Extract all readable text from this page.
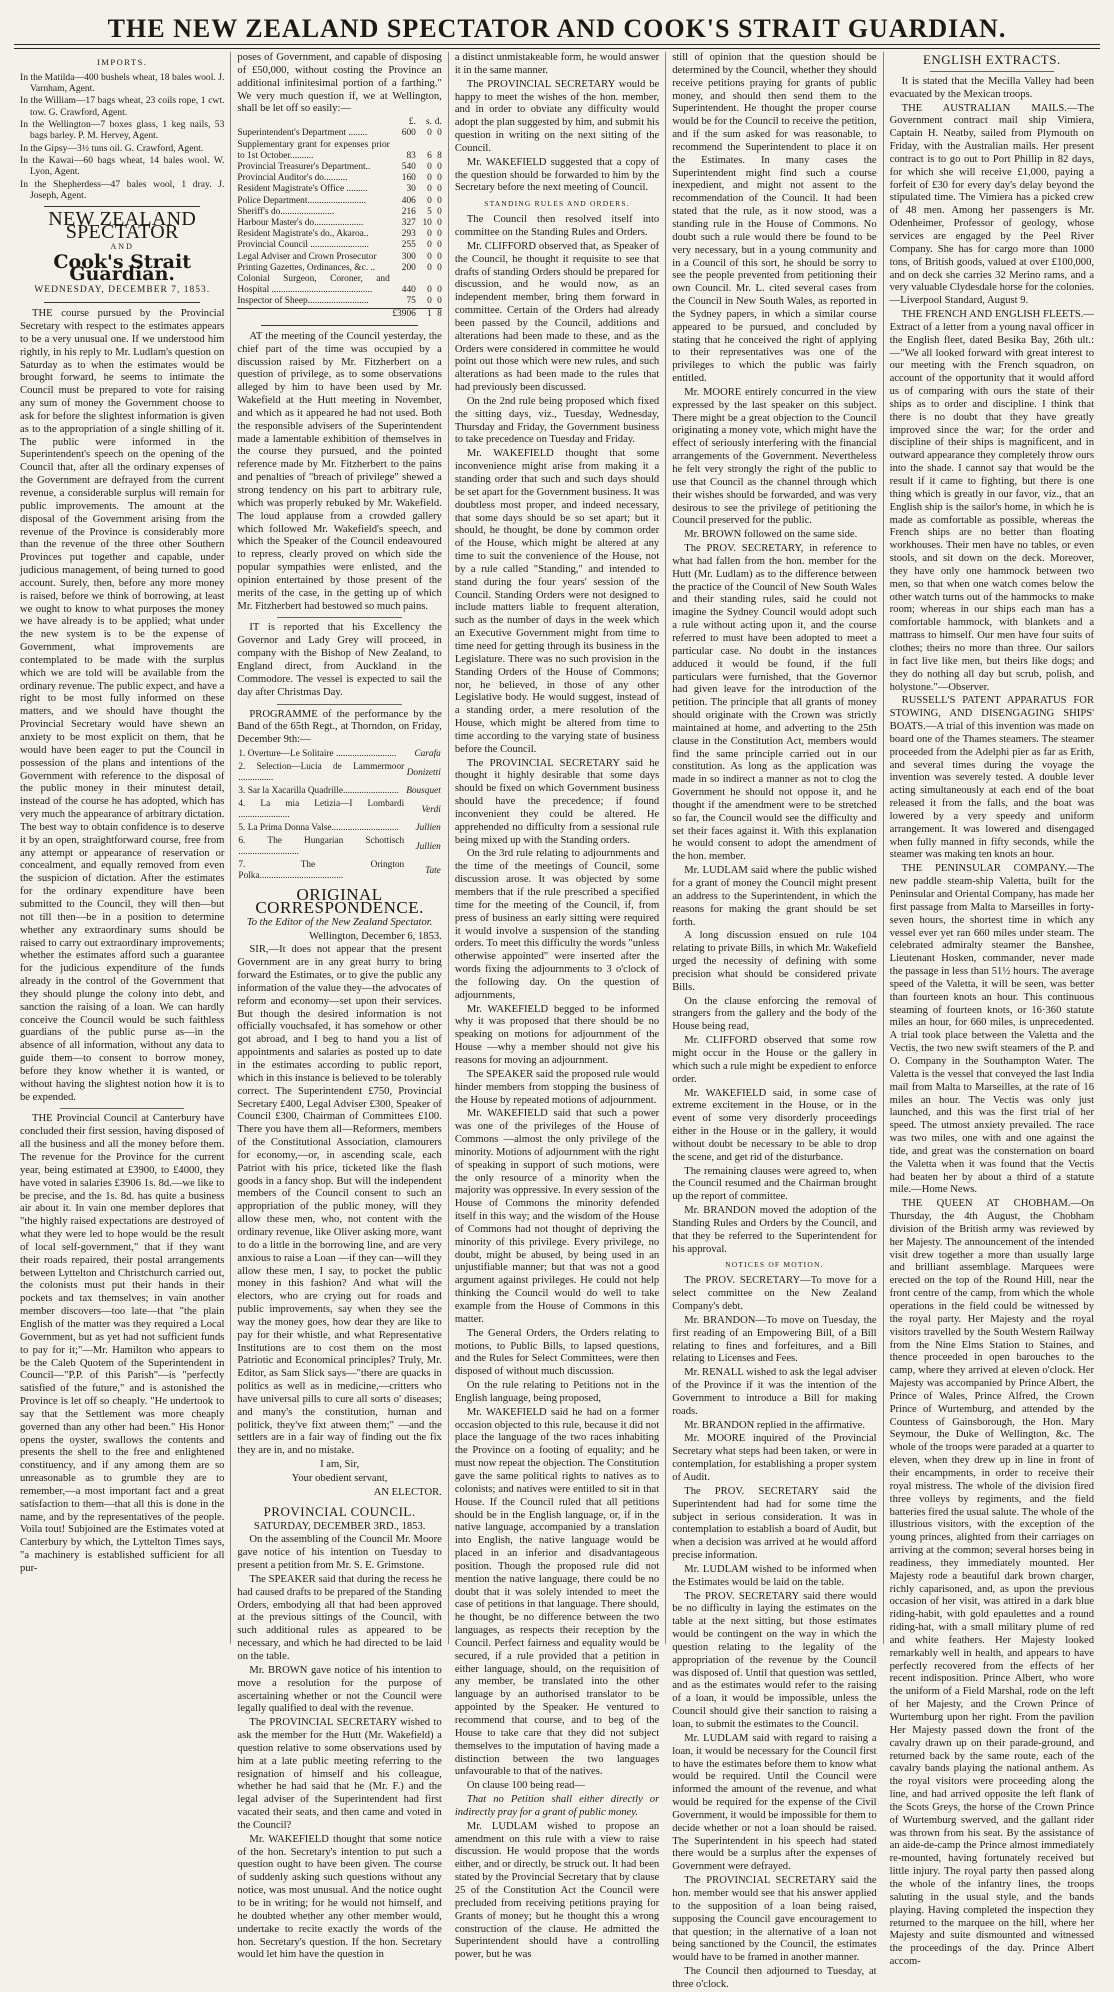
THE NEW ZEALAND SPECTATOR AND COOK'S STRAIT GUARDIAN.
IMPORTS.

In the Matilda—400 bushels wheat, 18 bales wool. J. Varnham, Agent.

In the William—17 bags wheat, 23 coils rope, 1 cwt. tow. G. Crawford, Agent.

In the Wellington—7 boxes glass, 1 keg nails, 53 bags barley. P. M. Hervey, Agent.

In the Gipsy—3½ tuns oil. G. Crawford, Agent.

In the Kawai—60 bags wheat, 14 bales wool. W. Lyon, Agent.

In the Shepherdess—47 bales wool, 1 dray. J. Joseph, Agent.

NEW ZEALAND SPECTATOR
AND
Cook's Strait Guardian.
WEDNESDAY, DECEMBER 7, 1853.

THE course pursued by the Provincial Secretary with respect to the estimates appears to be a very unusual one. If we understood him rightly, in his reply to Mr. Ludlam's question on Saturday as to when the estimates would be brought forward, he seems to intimate the Council must be prepared to vote for raising any sum of money the Government choose to ask for before the slightest information is given as to the appropriation of a single shilling of it. The public were informed in the Superintendent's speech on the opening of the Council that, after all the ordinary expenses of the Government are defrayed from the current revenue, a considerable surplus will remain for public improvements. The amount at the disposal of the Government arising from the revenue of the Province is considerably more than the revenue of the three other Southern Provinces put together and capable, under judicious management, of being turned to good account. Surely, then, before any more money is raised, before we think of borrowing, at least we ought to know to what purposes the money we have already is to be applied; what under the new system is to be the expense of Government, what improvements are contemplated to be made with the surplus which we are told will be available from the ordinary revenue. The public expect, and have a right to be most fully informed on these matters, and we should have thought the Provincial Secretary would have shewn an anxiety to be most explicit on them, that he would have been eager to put the Council in possession of the plans and intentions of the Government with reference to the disposal of the public money in their minutest detail, instead of the course he has adopted, which has very much the appearance of arbitrary dictation. The best way to obtain confidence is to deserve it by an open, straightforward course, free from any attempt or appearance of reservation or concealment, and equally removed from even the suspicion of dictation. After the estimates for the ordinary expenditure have been submitted to the Council, they will then—but not till then—be in a position to determine whether any extraordinary sums should be raised to carry out extraordinary improvements; whether the estimates afford such a guarantee for the judicious expenditure of the funds already in the control of the Government that they should plunge the colony into debt, and sanction the raising of a loan. We can hardly conceive the Council would be such faithless guardians of the public purse as—in the absence of all information, without any data to guide them—to consent to borrow money, before they know whether it is wanted, or without having the slightest notion how it is to be expended.

THE Provincial Council at Canterbury have concluded their first session, having disposed of all the business and all the money before them. The revenue for the Province for the current year, being estimated at £3900, to £4000, they have voted in salaries £3906 1s. 8d.—we like to be precise, and the 1s. 8d. has quite a business air about it. In vain one member deplores that "the highly raised expectations are destroyed of what they were led to hope would be the result of local self-government," that if they want their roads repaired, their postal arrangements between Lyttelton and Christchurch carried out, the colonists must put their hands in their pockets and tax themselves; in vain another member discovers—too late—that "the plain English of the matter was they required a Local Government, but as yet had not sufficient funds to pay for it;"—Mr. Hamilton who appears to be the Caleb Quotem of the Superintendent in Council—"P.P. of this Parish"—is "perfectly satisfied of the future," and is astonished the Province is let off so cheaply. "He undertook to say that the Settlement was more cheaply governed than any other had been." His Honor opens the oyster, swallows the contents and presents the shell to the free and enlightened constituency, and if any among them are so unreasonable as to grumble they are to remember,—a most important fact and a great satisfaction to them—that all this is done in the name, and by the representatives of the people. Voila tout! Subjoined are the Estimates voted at Canterbury by which, the Lyttelton Times says, "a machinery is established sufficient for all pur-

poses of Government, and capable of disposing of £50,000, without costing the Province an additional infinitesimal portion of a farthing." We very much question if, we at Wellington, shall be let off so easily:—

	£.	s.	d.
Superintendent's Department ........	600	0	0
Supplementary grant for expenses prior to 1st October..........	83	6	8
Provincial Treasurer's Department..	540	0	0
Provincial Auditor's do..........	160	0	0
Resident Magistrate's Office .........	30	0	0
Police Department.........................	406	0	0
Sheriff's do.......................	216	5	0
Harbour Master's do.....................	327	10	0
Resident Magistrate's do., Akaroa..	293	0	0
Provincial Council .........................	255	0	0
Legal Adviser and Crown Prosecutor	300	0	0
Printing Gazettes, Ordinances, &c. ..	200	0	0
Colonial Surgeon, Coroner, and Hospital ...........................................	440	0	0
Inspector of Sheep..........................	75	0	0
	£3906	1	8

AT the meeting of the Council yesterday, the chief part of the time was occupied by a discussion raised by Mr. Fitzherbert on a question of privilege, as to some observations alleged by him to have been used by Mr. Wakefield at the Hutt meeting in November, and which as it appeared he had not used. Both the responsible advisers of the Superintendent made a lamentable exhibition of themselves in the course they pursued, and the pointed reference made by Mr. Fitzherbert to the pains and penalties of "breach of privilege" shewed a strong tendency on his part to arbitrary rule, which was properly rebuked by Mr. Wakefield. The loud applause from a crowded gallery which followed Mr. Wakefield's speech, and which the Speaker of the Council endeavoured to repress, clearly proved on which side the popular sympathies were enlisted, and the opinion entertained by those present of the merits of the case, in the getting up of which Mr. Fitzherbert had bestowed so much pains.

IT is reported that his Excellency the Governor and Lady Grey will proceed, in company with the Bishop of New Zealand, to England direct, from Auckland in the Commodore. The vessel is expected to sail the day after Christmas Day.

PROGRAMME of the performance by the Band of the 65th Regt., at Thorndon, on Friday, December 9th:—

1. Overture—Le Solitaire ..........................	Carafa
2. Selection—Lucia de Lammermoor ...............	Donizetti
3. Sar la Xacarilla Quadrille........................	Bousquet
4. La mia Letizia—I Lombardi ......................	Verdi
5. La Prima Donna Valse.............................	Jullien
6. The Hungarian Schottisch ..........................	Jullien
7. The Orington Polka....................................	Tate
ORIGINAL CORRESPONDENCE.

To the Editor of the New Zealand Spectator.

Wellington, December 6, 1853.

SIR,—It does not appear that the present Government are in any great hurry to bring forward the Estimates, or to give the public any information of the value they—the advocates of reform and economy—set upon their services. But though the desired information is not officially vouchsafed, it has somehow or other got abroad, and I beg to hand you a list of appointments and salaries as posted up to date in the estimates according to public report, which in this instance is believed to be tolerably correct. The Superintendent £750, Provincial Secretary £400, Legal Adviser £300, Speaker of Council £300, Chairman of Committees £100. There you have them all—Reformers, members of the Constitutional Association, clamourers for economy,—or, in ascending scale, each Patriot with his price, ticketed like the flash goods in a fancy shop. But will the independent members of the Council consent to such an appropriation of the public money, will they allow these men, who, not content with the ordinary revenue, like Oliver asking more, want to do a little in the borrowing line, and are very anxious to raise a Loan —if they can—will they allow these men, I say, to pocket the public money in this fashion? And what will the electors, who are crying out for roads and public improvements, say when they see the way the money goes, how dear they are like to pay for their whistle, and what Representative Institutions are to cost them on the most Patriotic and Economical principles? Truly, Mr. Editor, as Sam Slick says—"there are quacks in politics as well as in medicine,—critters who have universal pills to cure all sorts o' diseases; and many's the constitution, human and politick, they've fixt atween them;" —and the settlers are in a fair way of finding out the fix they are in, and no mistake.

I am, Sir,

Your obedient servant,

AN ELECTOR.

PROVINCIAL COUNCIL.

SATURDAY, DECEMBER 3RD., 1853.

On the assembling of the Council Mr. Moore gave notice of his intention on Tuesday to present a petition from Mr. S. E. Grimstone.

The SPEAKER said that during the recess he had caused drafts to be prepared of the Standing Orders, embodying all that had been approved at the previous sittings of the Council, with such additional rules as appeared to be necessary, and which he had directed to be laid on the table.

Mr. BROWN gave notice of his intention to move a resolution for the purpose of ascertaining whether or not the Council were legally qualified to deal with the revenue.

The PROVINCIAL SECRETARY wished to ask the member for the Hutt (Mr. Wakefield) a question relative to some observations used by him at a late public meeting referring to the resignation of himself and his colleague, whether he had said that he (Mr. F.) and the legal adviser of the Superintendent had first vacated their seats, and then came and voted in the Council?

Mr. WAKEFIELD thought that some notice of the hon. Secretary's intention to put such a question ought to have been given. The course of suddenly asking such questions without any notice, was most unusual. And the notice ought to be in writing; for he would not himself, and he doubted whether any other member would, undertake to recite exactly the words of the hon. Secretary's question. If the hon. Secretary would let him have the question in

a distinct unmistakeable form, he would answer it in the same manner.

The PROVINCIAL SECRETARY would be happy to meet the wishes of the hon. member, and in order to obviate any difficulty would adopt the plan suggested by him, and submit his question in writing on the next sitting of the Council.

Mr. WAKEFIELD suggested that a copy of the question should be forwarded to him by the Secretary before the next meeting of Council.

STANDING RULES AND ORDERS.

The Council then resolved itself into committee on the Standing Rules and Orders.

Mr. CLIFFORD observed that, as Speaker of the Council, he thought it requisite to see that drafts of standing Orders should be prepared for discussion, and he would now, as an independent member, bring them forward in committee. Certain of the Orders had already been passed by the Council, additions and alterations had been made to these, and as the Orders were considered in committee he would point out those which were new rules, and such alterations as had been made to the rules that had previously been discussed.

On the 2nd rule being proposed which fixed the sitting days, viz., Tuesday, Wednesday, Thursday and Friday, the Government business to take precedence on Tuesday and Friday.

Mr. WAKEFIELD thought that some inconvenience might arise from making it a standing order that such and such days should be set apart for the Government business. It was doubtless most proper, and indeed necessary, that some days should be so set apart; but it should, he thought, be done by common order of the House, which might be altered at any time to suit the convenience of the House, not by a rule called "Standing," and intended to stand during the four years' session of the Council. Standing Orders were not designed to include matters liable to frequent alteration, such as the number of days in the week which an Executive Government might from time to time need for getting through its business in the Legislature. There was no such provision in the Standing Orders of the House of Commons; nor, he believed, in those of any other Legislative body. He would suggest, instead of a standing order, a mere resolution of the House, which might be altered from time to time according to the varying state of business before the Council.

The PROVINCIAL SECRETARY said he thought it highly desirable that some days should be fixed on which Government business should have the precedence; if found inconvenient they could be altered. He apprehended no difficulty from a sessional rule being mixed up with the Standing orders.

On the 3rd rule relating to adjournments and the time of the meetings of Council, some discussion arose. It was objected by some members that if the rule prescribed a specified time for the meeting of the Council, if, from press of business an early sitting were required it would involve a suspension of the standing orders. To meet this difficulty the words "unless otherwise appointed" were inserted after the words fixing the adjournments to 3 o'clock of the following day. On the question of adjournments,

Mr. WAKEFIELD begged to be informed why it was proposed that there should be no speaking on motions for adjournment of the House —why a member should not give his reasons for moving an adjournment.

The SPEAKER said the proposed rule would hinder members from stopping the business of the House by repeated motions of adjournment.

Mr. WAKEFIELD said that such a power was one of the privileges of the House of Commons —almost the only privilege of the minority. Motions of adjournment with the right of speaking in support of such motions, were the only resource of a minority when the majority was oppressive. In every session of the House of Commons the minority defended itself in this way; and the wisdom of the House of Commons had not thought of depriving the minority of this privilege. Every privilege, no doubt, might be abused, by being used in an unjustifiable manner; but that was not a good argument against privileges. He could not help thinking the Council would do well to take example from the House of Commons in this matter.

The General Orders, the Orders relating to motions, to Public Bills, to lapsed questions, and the Rules for Select Committees, were then disposed of without much discussion.

On the rule relating to Petitions not in the English language, being proposed,

Mr. WAKEFIELD said he had on a former occasion objected to this rule, because it did not place the language of the two races inhabiting the Province on a footing of equality; and he must now repeat the objection. The Constitution gave the same political rights to natives as to colonists; and natives were entitled to sit in that House. If the Council ruled that all petitions should be in the English language, or, if in the native language, accompanied by a translation into English, the native language would be placed in an inferior and disadvantageous position. Though the proposed rule did not mention the native language, there could be no doubt that it was solely intended to meet the case of petitions in that language. There should, he thought, be no difference between the two languages, as respects their reception by the Council. Perfect fairness and equality would be secured, if a rule provided that a petition in either language, should, on the requisition of any member, be translated into the other language by an authorised translator to be appointed by the Speaker. He ventured to recommend that course, and to beg of the House to take care that they did not subject themselves to the imputation of having made a distinction between the two languages unfavourable to that of the natives.

On clause 100 being read—

That no Petition shall either directly or indirectly pray for a grant of public money.

Mr. LUDLAM wished to propose an amendment on this rule with a view to raise discussion. He would propose that the words either, and or directly, be struck out. It had been stated by the Provincial Secretary that by clause 25 of the Constitution Act the Council were precluded from receiving petitions praying for Grants of money; but he thought this a wrong construction of the clause. He admitted the Superintendent should have a controlling power, but he was

still of opinion that the question should be determined by the Council, whether they should receive petitions praying for grants of public money, and should then send them to the Superintendent. He thought the proper course would be for the Council to receive the petition, and if the sum asked for was reasonable, to recommend the Superintendent to place it on the Estimates. In many cases the Superintendent might find such a course inexpedient, and might not assent to the recommendation of the Council. It had been stated that the rule, as it now stood, was a standing rule in the House of Commons. No doubt such a rule would there be found to be very necessary, but in a young community and in a Council of this sort, he should be sorry to see the people prevented from petitioning their own Council. Mr. L. cited several cases from the Council in New South Wales, as reported in the Sydney papers, in which a similar course appeared to be pursued, and concluded by stating that he conceived the right of applying to their representatives was one of the privileges to which the public was fairly entitled.

Mr. MOORE entirely concurred in the view expressed by the last speaker on this subject. There might be a great objection to the Council originating a money vote, which might have the effect of seriously interfering with the financial arrangements of the Government. Nevertheless he felt very strongly the right of the public to use that Council as the channel through which their wishes should be forwarded, and was very desirous to see the privilege of petitioning the Council preserved for the public.

Mr. BROWN followed on the same side.

The PROV. SECRETARY, in reference to what had fallen from the hon. member for the Hutt (Mr. Ludlam) as to the difference between the practice of the Council of New South Wales and their standing rules, said he could not imagine the Sydney Council would adopt such a rule without acting upon it, and the course referred to must have been adopted to meet a particular case. No doubt in the instances adduced it would be found, if the full particulars were furnished, that the Governor had given leave for the introduction of the petition. The principle that all grants of money should originate with the Crown was strictly maintained at home, and adverting to the 25th clause in the Constitution Act, members would find the same principle carried out in our constitution. As long as the application was made in so indirect a manner as not to clog the Government he should not oppose it, and he thought if the amendment were to be stretched so far, the Council would see the difficulty and set their faces against it. With this explanation he would consent to adopt the amendment of the hon. member.

Mr. LUDLAM said where the public wished for a grant of money the Council might present an address to the Superintendent, in which the reasons for making the grant should be set forth.

A long discussion ensued on rule 104 relating to private Bills, in which Mr. Wakefield urged the necessity of defining with some precision what should be considered private Bills.

On the clause enforcing the removal of strangers from the gallery and the body of the House being read,

Mr. CLIFFORD observed that some row might occur in the House or the gallery in which such a rule might be expedient to enforce order.

Mr. WAKEFIELD said, in some case of extreme excitement in the House, or in the event of some very disorderly proceedings either in the House or in the gallery, it would without doubt be necessary to be able to drop the scene, and get rid of the disturbance.

The remaining clauses were agreed to, when the Council resumed and the Chairman brought up the report of committee.

Mr. BRANDON moved the adoption of the Standing Rules and Orders by the Council, and that they be referred to the Superintendent for his approval.

NOTICES OF MOTION.

The PROV. SECRETARY—To move for a select committee on the New Zealand Company's debt.

Mr. BRANDON—To move on Tuesday, the first reading of an Empowering Bill, of a Bill relating to fines and forfeitures, and a Bill relating to Licenses and Fees.

Mr. RENALL wished to ask the legal adviser of the Province if it was the intention of the Government to introduce a Bill for making roads.

Mr. BRANDON replied in the affirmative.

Mr. MOORE inquired of the Provincial Secretary what steps had been taken, or were in contemplation, for establishing a proper system of Audit.

The PROV. SECRETARY said the Superintendent had had for some time the subject in serious consideration. It was in contemplation to establish a board of Audit, but when a decision was arrived at he would afford precise information.

Mr. LUDLAM wished to be informed when the Estimates would be laid on the table.

The PROV. SECRETARY said there would be no difficulty in laying the estimates on the table at the next sitting, but those estimates would be contingent on the way in which the question relating to the legality of the appropriation of the revenue by the Council was disposed of. Until that question was settled, and as the estimates would refer to the raising of a loan, it would be impossible, unless the Council should give their sanction to raising a loan, to submit the estimates to the Council.

Mr. LUDLAM said with regard to raising a loan, it would be necessary for the Council first to have the estimates before them to know what would be required. Until the Council were informed the amount of the revenue, and what would be required for the expense of the Civil Government, it would be impossible for them to decide whether or not a loan should be raised. The Superintendent in his speech had stated there would be a surplus after the expenses of Government were defrayed.

The PROVINCIAL SECRETARY said the hon. member would see that his answer applied to the supposition of a loan being raised, supposing the Council gave encouragement to that question; in the alternative of a loan not being sanctioned by the Council, the estimates would have to be framed in another manner.

The Council then adjourned to Tuesday, at three o'clock.

ENGLISH EXTRACTS.

It is stated that the Mecilla Valley had been evacuated by the Mexican troops.

THE AUSTRALIAN MAILS.—The Government contract mail ship Vimiera, Captain H. Neatby, sailed from Plymouth on Friday, with the Australian mails. Her present contract is to go out to Port Phillip in 82 days, for which she will receive £1,000, paying a forfeit of £30 for every day's delay beyond the stipulated time. The Vimiera has a picked crew of 48 men. Among her passengers is Mr. Odenheimer, Professor of geology, whose services are engaged by the Peel River Company. She has for cargo more than 1000 tons, of British goods, valued at over £100,000, and on deck she carries 32 Merino rams, and a very valuable Clydesdale horse for the colonies.—Liverpool Standard, August 9.

THE FRENCH AND ENGLISH FLEETS.—Extract of a letter from a young naval officer in the English fleet, dated Besika Bay, 26th ult.:—"We all looked forward with great interest to our meeting with the French squadron, on account of the opportunity that it would afford us of comparing with ours the state of their ships as to order and discipline. I think that there is no doubt that they have greatly improved since the war; for the order and discipline of their ships is magnificent, and in outward appearance they completely throw ours into the shade. I cannot say that would be the result if it came to fighting, but there is one thing which is greatly in our favor, viz., that an English ship is the sailor's home, in which he is made as comfortable as possible, whereas the French ships are no better than floating workhouses. Their men have no tables, or even stools, and sit down on the deck. Moreover, they have only one hammock between two men, so that when one watch comes below the other watch turns out of the hammocks to make room; whereas in our ships each man has a comfortable hammock, with blankets and a mattrass to himself. Our men have four suits of clothes; theirs no more than three. Our sailors in fact live like men, but theirs like dogs; and they do nothing all day but scrub, polish, and holystone."—Observer.

RUSSELL'S PATENT APPARATUS FOR STOWING, AND DISENGAGING SHIPS' BOATS.—A trial of this invention was made on board one of the Thames steamers. The steamer proceeded from the Adelphi pier as far as Erith, and several times during the voyage the invention was severely tested. A double lever acting simultaneously at each end of the boat released it from the falls, and the boat was lowered by a very speedy and uniform arrangement. It was lowered and disengaged when fully manned in fifty seconds, while the steamer was making ten knots an hour.

THE PENINSULAR COMPANY.—The new paddle steam-ship Valetta, built for the Peninsular and Oriental Company, has made her first passage from Malta to Marseilles in forty-seven hours, the shortest time in which any vessel ever yet ran 660 miles under steam. The celebrated admiralty steamer the Banshee, Lieutenant Hosken, commander, never made the passage in less than 51½ hours. The average speed of the Valetta, it will be seen, was better than fourteen knots an hour. This continuous steaming of fourteen knots, or 16·360 statute miles an hour, for 660 miles, is unprecedented. A trial took place between the Valetta and the Vectis, the two new swift steamers of the P. and O. Company in the Southampton Water. The Valetta is the vessel that conveyed the last India mail from Malta to Marseilles, at the rate of 16 miles an hour. The Vectis was only just launched, and this was the first trial of her speed. The utmost anxiety prevailed. The race was two miles, one with and one against the tide, and great was the consternation on board the Valetta when it was found that the Vectis had beaten her by about a third of a statute mile.—Home News.

THE QUEEN AT CHOBHAM.—On Thursday, the 4th August, the Chobham division of the British army was reviewed by her Majesty. The announcement of the intended visit drew together a more than usually large and brilliant assemblage. Marquees were erected on the top of the Round Hill, near the front centre of the camp, from which the whole operations in the field could be witnessed by the royal party. Her Majesty and the royal visitors travelled by the South Western Railway from the Nine Elms Station to Staines, and thence proceeded in open barouches to the camp, where they arrived at eleven o'clock. Her Majesty was accompanied by Prince Albert, the Prince of Wales, Prince Alfred, the Crown Prince of Wurtemburg, and attended by the Countess of Gainsborough, the Hon. Mary Seymour, the Duke of Wellington, &c. The whole of the troops were paraded at a quarter to eleven, when they drew up in line in front of their encampments, in order to receive their royal mistress. The whole of the division fired three volleys by regiments, and the field batteries fired the usual salute. The whole of the illustrious visitors, with the exception of the young princes, alighted from their carriages on arriving at the common; several horses being in readiness, they immediately mounted. Her Majesty rode a beautiful dark brown charger, richly caparisoned, and, as upon the previous occasion of her visit, was attired in a dark blue riding-habit, with gold epaulettes and a round riding-hat, with a small military plume of red and white feathers. Her Majesty looked remarkably well in health, and appears to have perfectly recovered from the effects of her recent indisposition. Prince Albert, who wore the uniform of a Field Marshal, rode on the left of her Majesty, and the Crown Prince of Wurtemburg upon her right. From the pavilion Her Majesty passed down the front of the cavalry drawn up on their parade-ground, and returned back by the same route, each of the cavalry bands playing the national anthem. As the royal visitors were proceeding along the line, and had arrived opposite the left flank of the Scots Greys, the horse of the Crown Prince of Wurtemburg swerved, and the gallant rider was thrown from his seat. By the assistance of an aide-de-camp the Prince almost immediately re-mounted, having fortunately received but little injury. The royal party then passed along the whole of the infantry lines, the troops saluting in the usual style, and the bands playing. Having completed the inspection they returned to the marquee on the hill, where her Majesty and suite dismounted and witnessed the proceedings of the day. Prince Albert accom-
